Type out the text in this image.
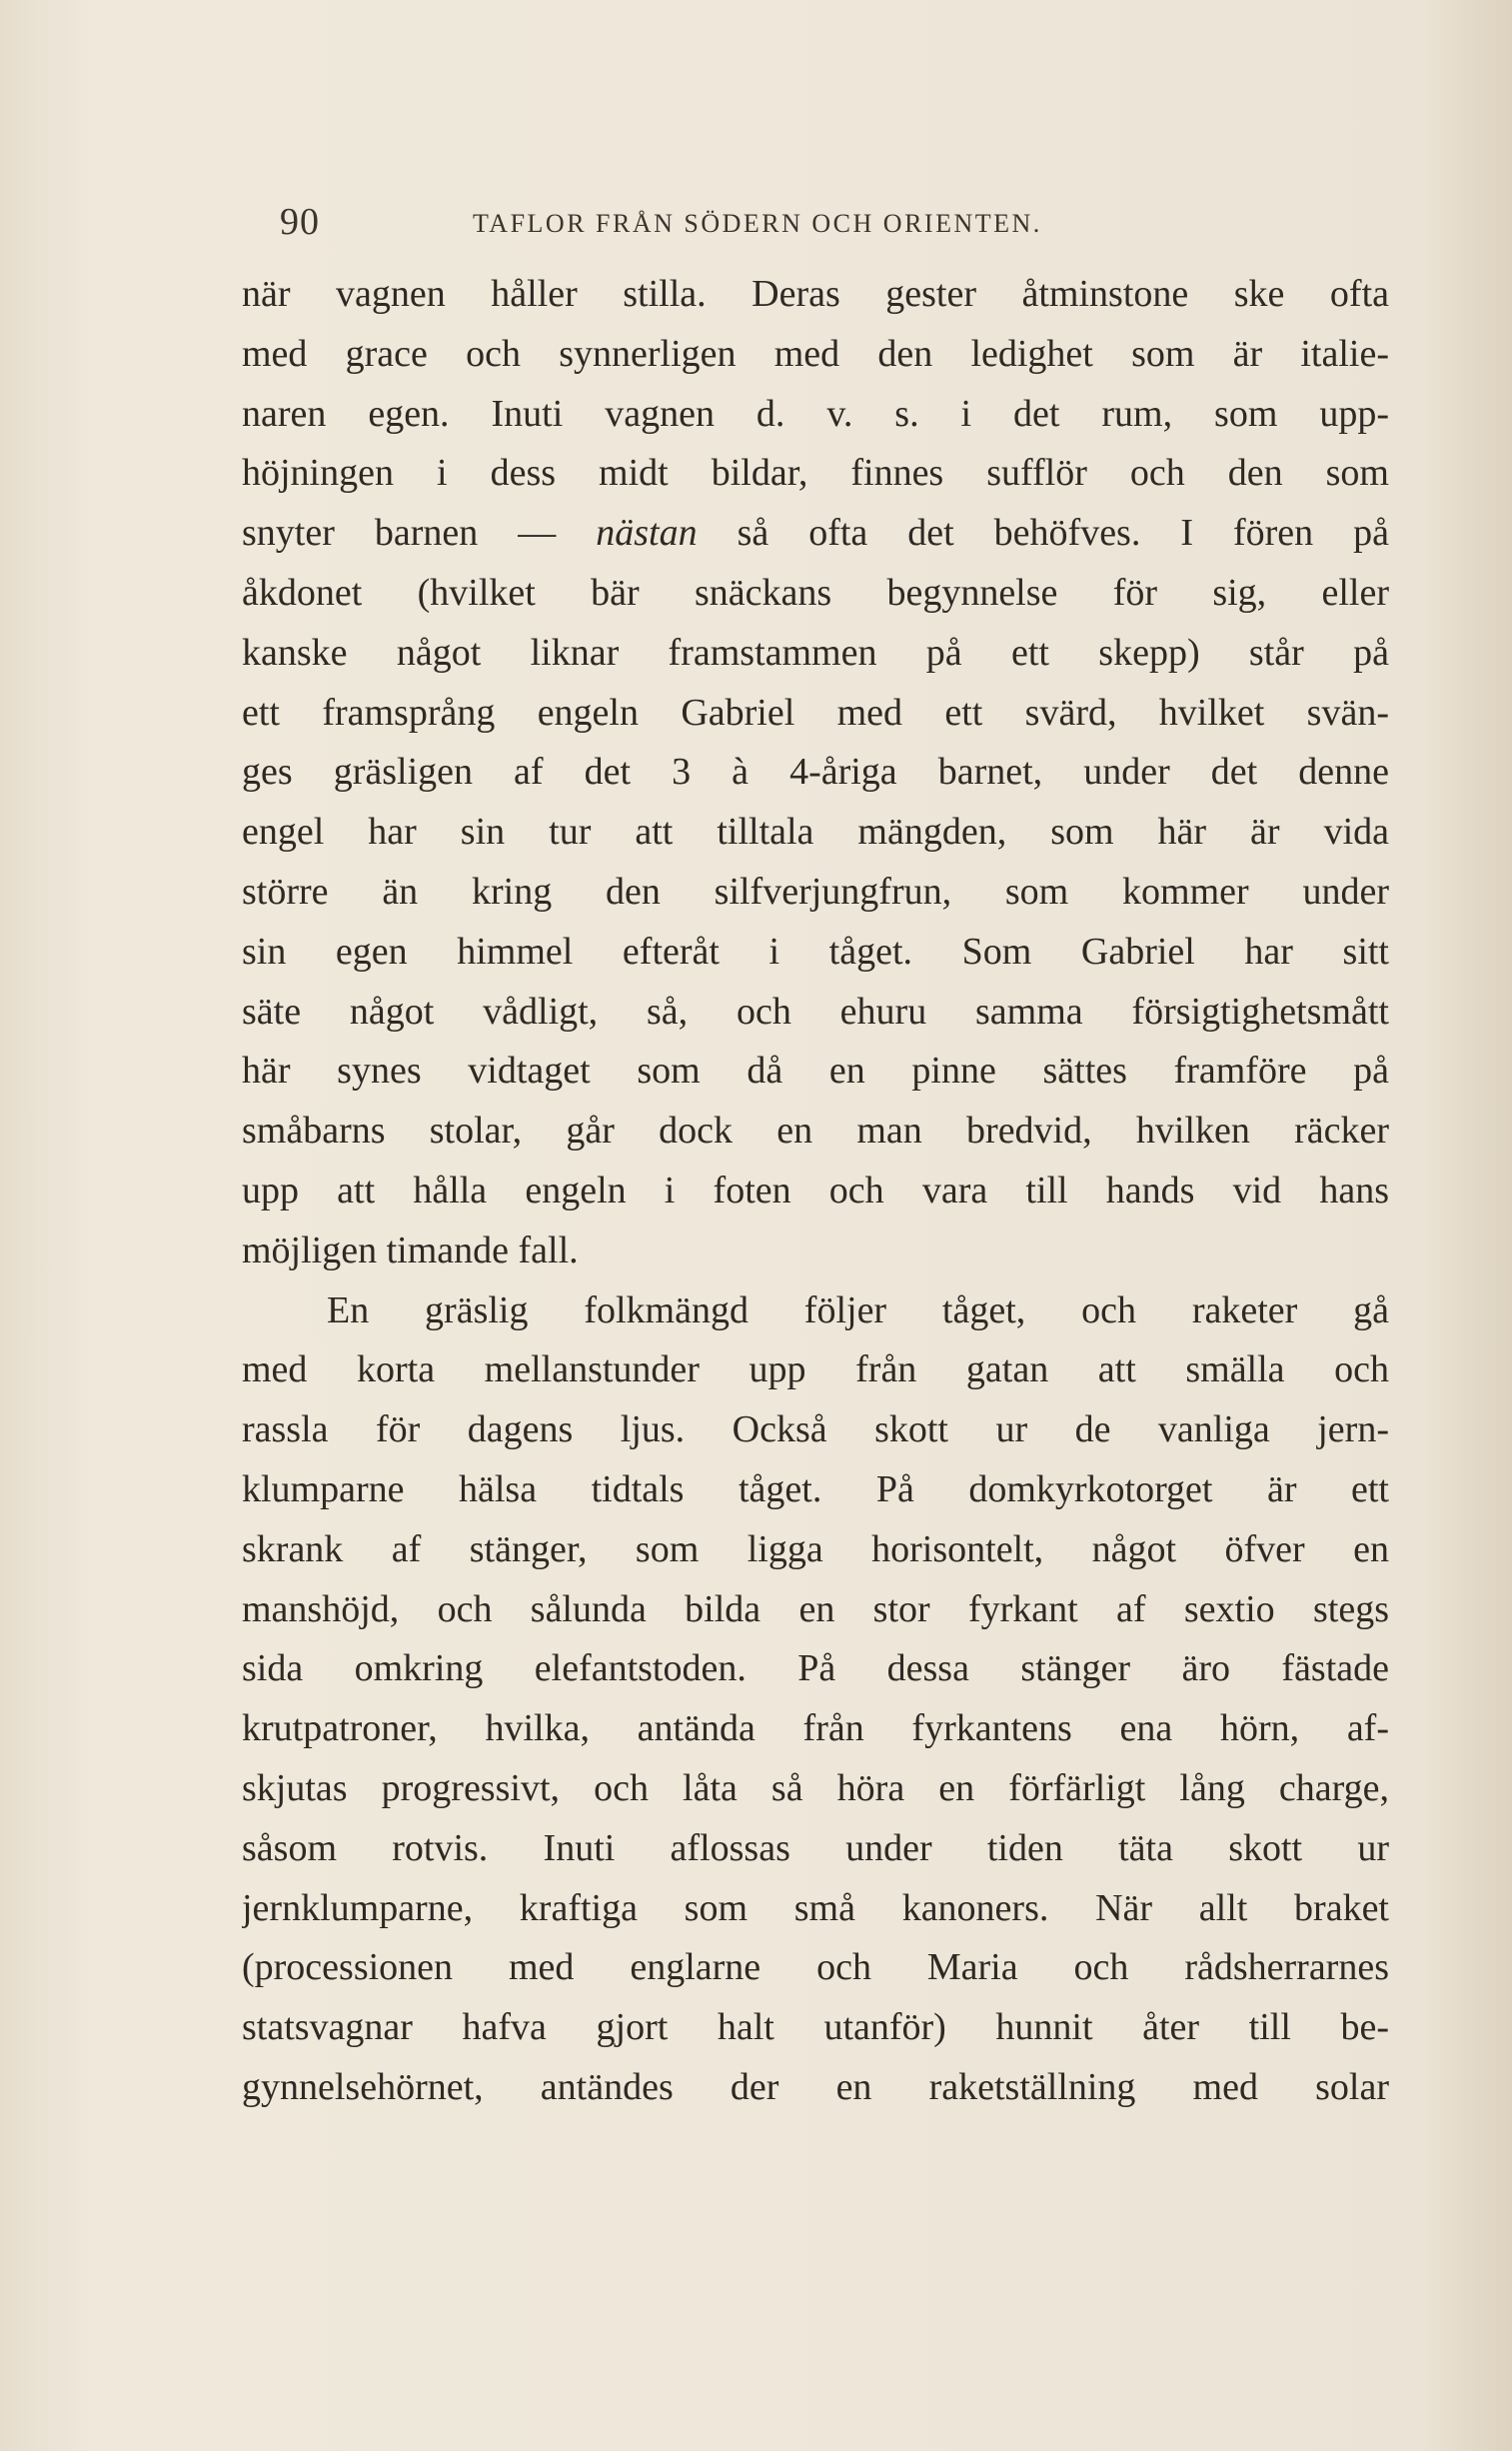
90	TAFLOR FRÅN SÖDERN OCH ORIENTEN.
när vagnen håller stilla. Deras gester åtminstone ske ofta
med grace och synnerligen med den ledighet som är italie-
naren egen. Inuti vagnen d. v. s. i det rum, som upp-
höjningen i dess midt bildar, finnes sufflör och den som
snyter barnen — nästan så ofta det behöfves. I fören på
åkdonet (hvilket bär snäckans begynnelse för sig, eller
kanske något liknar framstammen på ett skepp) står på
ett framsprång engeln Gabriel med ett svärd, hvilket svän-
ges gräsligen af det 3 à 4-åriga barnet, under det denne
engel har sin tur att tilltala mängden, som här är vida
större än kring den silfverjungfrun, som kommer under
sin egen himmel efteråt i tåget. Som Gabriel har sitt
säte något vådligt, så, och ehuru samma försigtighetsmått
här synes vidtaget som då en pinne sättes framföre på
småbarns stolar, går dock en man bredvid, hvilken räcker
upp att hålla engeln i foten och vara till hands vid hans
möjligen timande fall.
En gräslig folkmängd följer tåget, och raketer gå
med korta mellanstunder upp från gatan att smälla och
rassla för dagens ljus. Också skott ur de vanliga jern-
klumparne hälsa tidtals tåget. På domkyrkotorget är ett
skrank af stänger, som ligga horisontelt, något öfver en
manshöjd, och sålunda bilda en stor fyrkant af sextio stegs
sida omkring elefantstoden. På dessa stänger äro fästade
krutpatroner, hvilka, antända från fyrkantens ena hörn, af-
skjutas progressivt, och låta så höra en förfärligt lång charge,
såsom rotvis. Inuti aflossas under tiden täta skott ur
jernklumparne, kraftiga som små kanoners. När allt braket
(processionen med englarne och Maria och rådsherrarnes
statsvagnar hafva gjort halt utanför) hunnit åter till be-
gynnelsehörnet, antändes der en raketställning med solar
